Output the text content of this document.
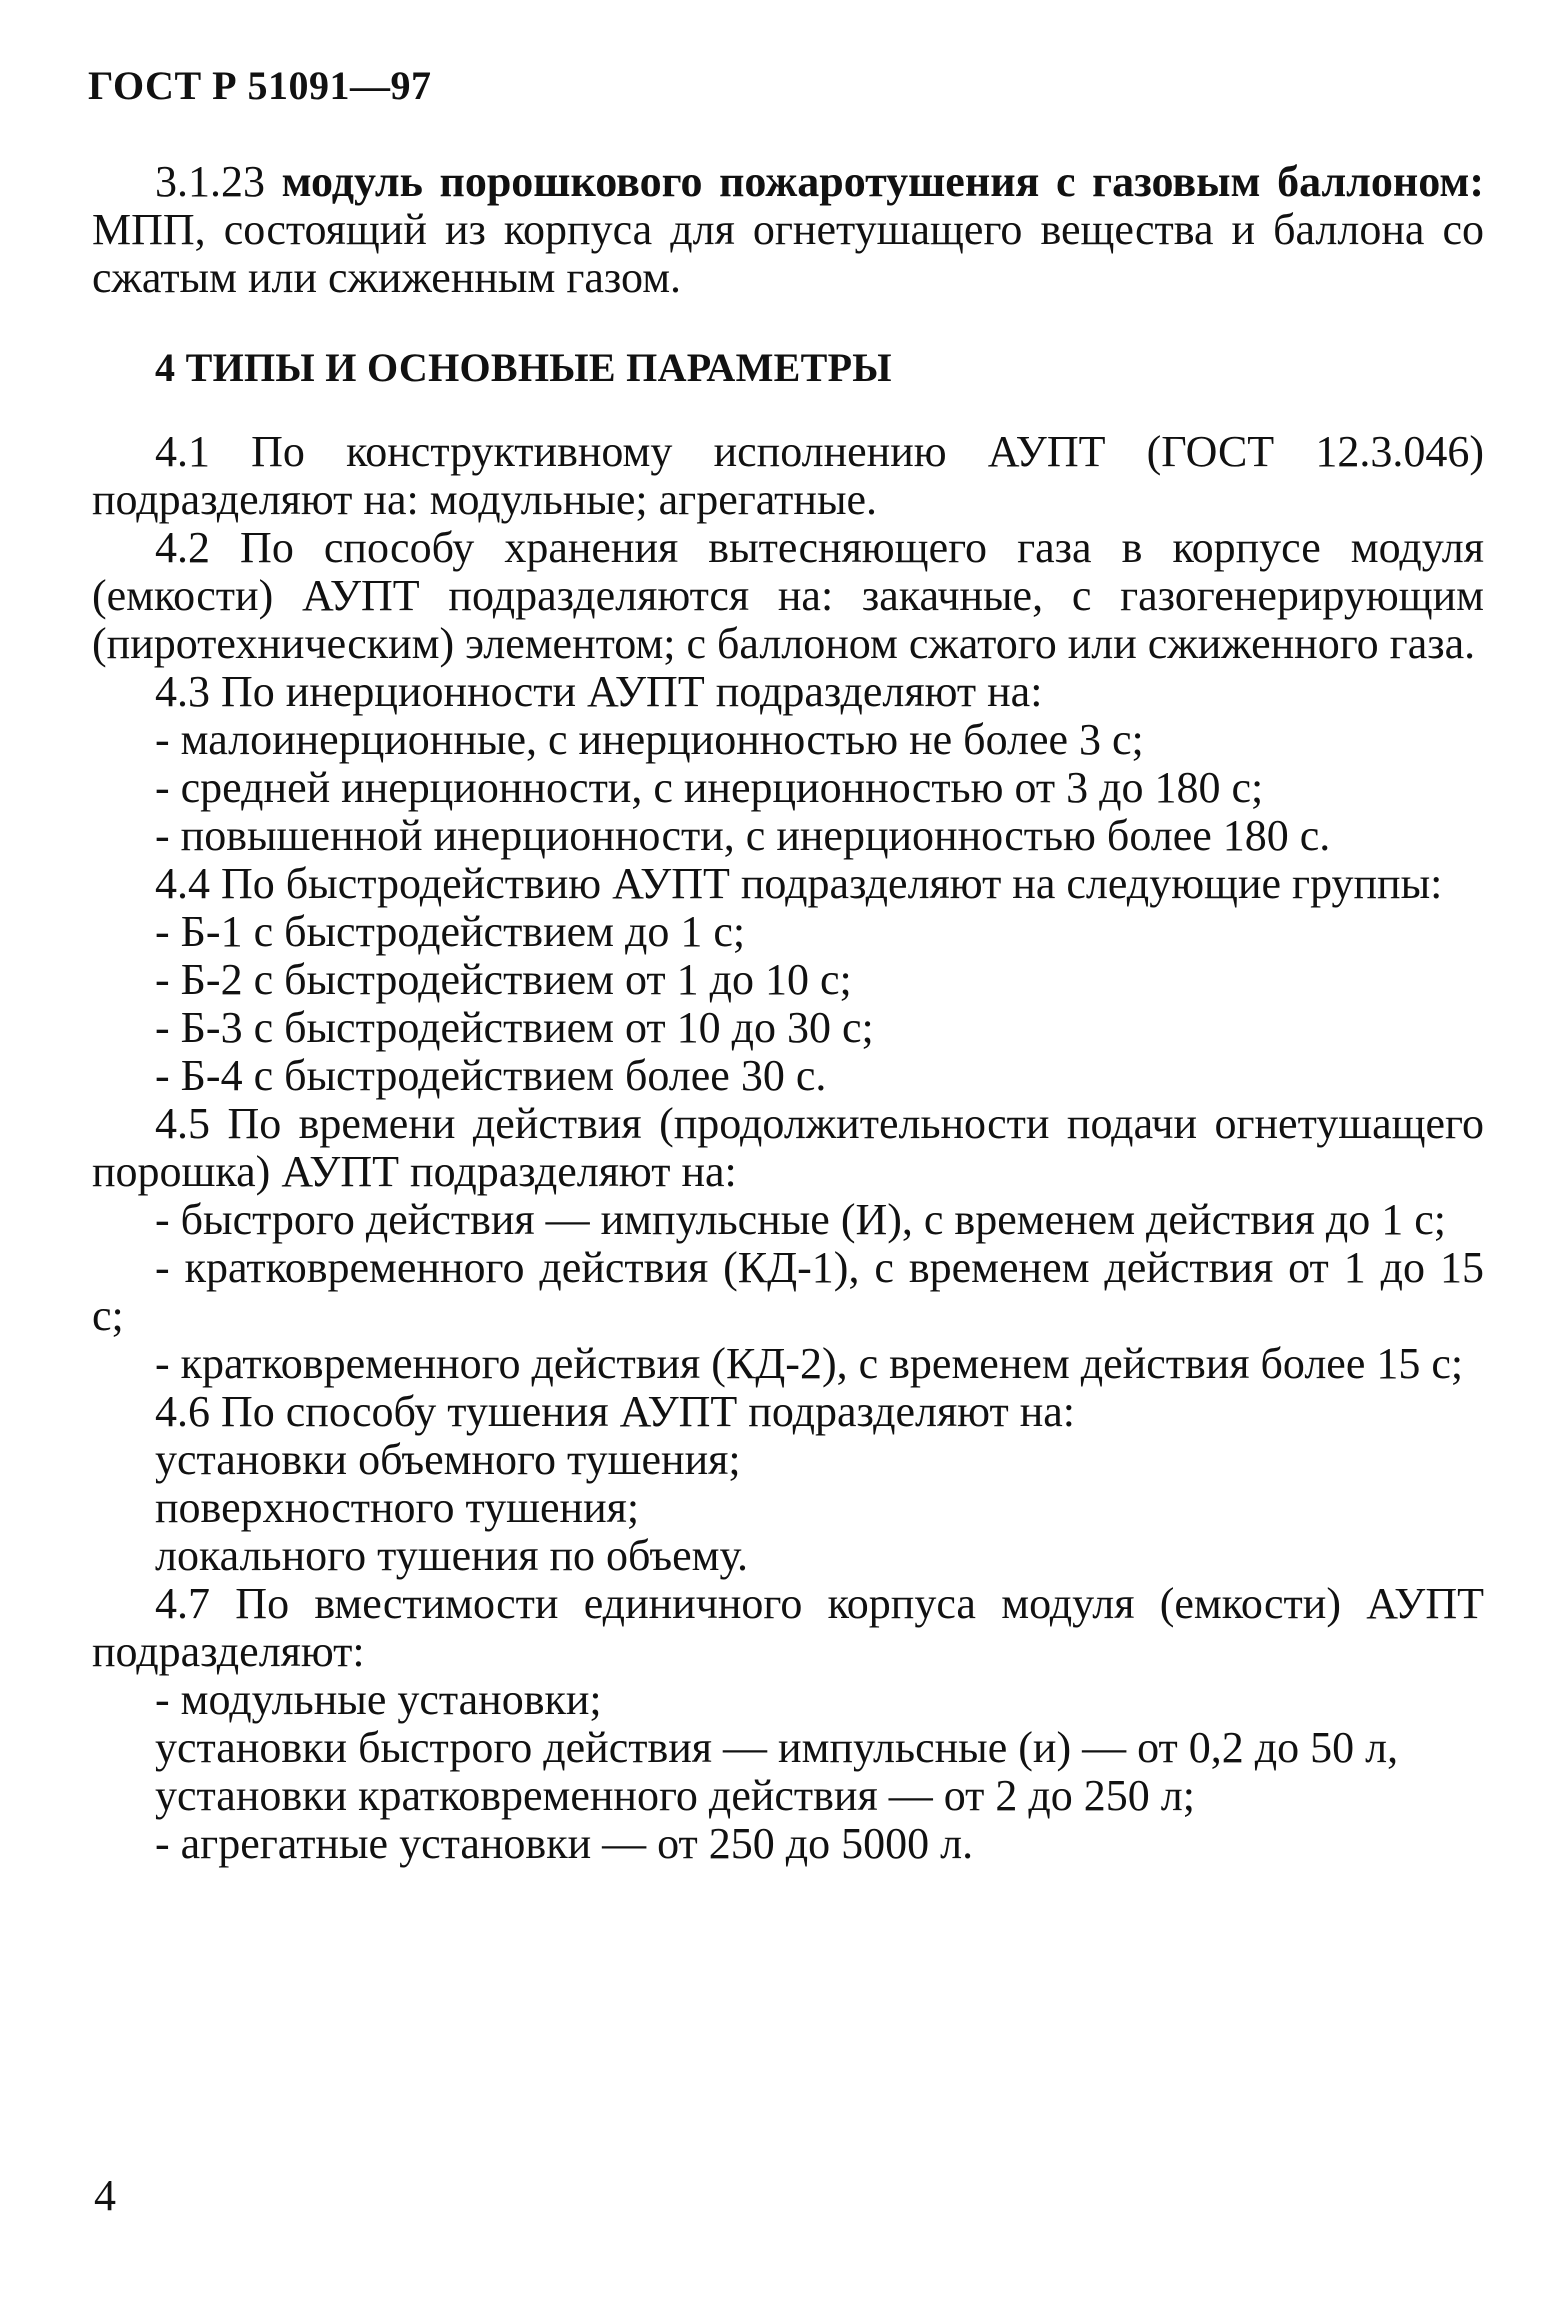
ГОСТ Р 51091—97

3.1.23 модуль порошкового пожаротушения с газовым баллоном: МПП, состоящий из корпуса для огнетушащего вещества и баллона со сжатым или сжиженным газом.

4 ТИПЫ И ОСНОВНЫЕ ПАРАМЕТРЫ

4.1 По конструктивному исполнению АУПТ (ГОСТ 12.3.046) подразделяют на: модульные; агрегатные.

4.2 По способу хранения вытесняющего газа в корпусе модуля (емкости) АУПТ подразделяются на: закачные, с газогенерирующим (пиротехническим) элементом; с баллоном сжатого или сжиженного газа.

4.3 По инерционности АУПТ подразделяют на:

- малоинерционные, с инерционностью не более 3 с;

- средней инерционности, с инерционностью от 3 до 180 с;

- повышенной инерционности, с инерционностью более 180 с.

4.4 По быстродействию АУПТ подразделяют на следующие группы:

- Б-1 с быстродействием до 1 с;

- Б-2 с быстродействием от 1 до 10 с;

- Б-3 с быстродействием от 10 до 30 с;

- Б-4 с быстродействием более 30 с.

4.5 По времени действия (продолжительности подачи огнетушащего порошка) АУПТ подразделяют на:

- быстрого действия — импульсные (И), с временем действия до 1 с;

- кратковременного действия (КД-1), с временем действия от 1 до 15 с;

- кратковременного действия (КД-2), с временем действия более 15 с;

4.6 По способу тушения АУПТ подразделяют на:

установки объемного тушения;

поверхностного тушения;

локального тушения по объему.

4.7 По вместимости единичного корпуса модуля (емкости) АУПТ подразделяют:

- модульные установки;

установки быстрого действия — импульсные (и) — от 0,2 до 50 л,

установки кратковременного действия — от 2 до 250 л;

- агрегатные установки — от 250 до 5000 л.

4
